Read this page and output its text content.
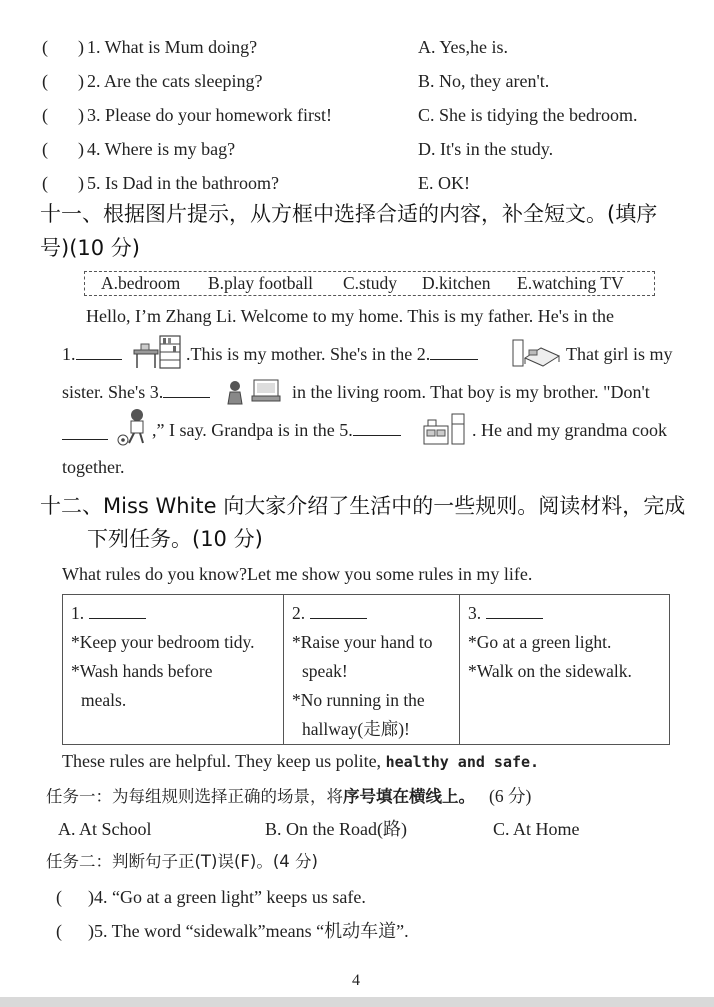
( ) 1. What is Mum doing?	A. Yes,he is.
( ) 2. Are the cats sleeping?	B. No, they aren't.
( ) 3. Please do your homework first!	C. She is tidying the bedroom.
( ) 4. Where is my bag?	D. It's in the study.
( ) 5. Is Dad in the bathroom?	E. OK!
十一、根据图片提示，从方框中选择合适的内容，补全短文。(填序
号)(10 分)
A.bedroom B.play football C.study D.kitchen E.watching TV
Hello, I’m Zhang Li. Welcome to my home. This is my father. He's in the
1.	.This is my mother. She's in the 2.	That girl is my
sister. She's 3.	in the living room. That boy is my brother. "Don't
,” I say. Grandpa is in the 5.	. He and my grandma cook
together.
十二、Miss White 向大家介绍了生活中的一些规则。阅读材料，完成
下列任务。(10 分)
What rules do you know?Let me show you some rules in my life.
1.
*Keep your bedroom tidy.
*Wash hands before

meals.
	2.
*Raise your hand to
speak!
*No running in the
hallway(走廊)!	3.
*Go at a green light.
*Walk on the sidewalk.
These rules are helpful. They keep us polite, healthy and safe.
任务一：为每组规则选择正确的场景，将序号填在横线上。 (6 分)
A. At School	B. On the Road(路)	C. At Home
任务二：判断句子正(T)误(F)。(4 分)
( )4. “Go at a green light” keeps us safe.
( )5. The word “sidewalk”means “机动车道”.
4
